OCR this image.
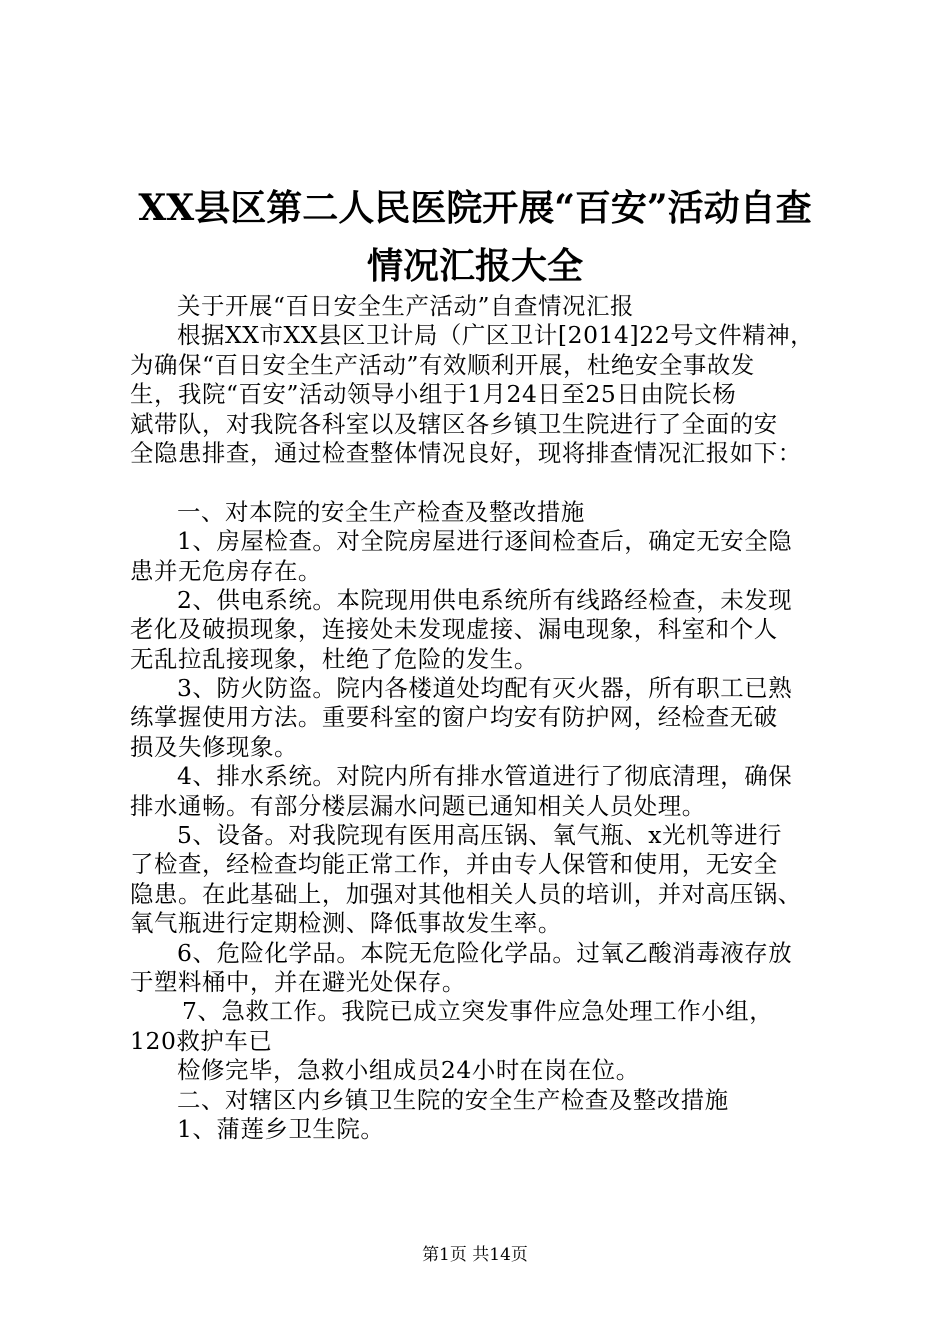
XX县区第二人民医院开展“百安”活动自查
情况汇报大全
关于开展“百日安全生产活动”自查情况汇报
根据XX市XX县区卫计局（广区卫计[2014]22号文件精神，
为确保“百日安全生产活动”有效顺利开展，杜绝安全事故发
生，我院“百安”活动领导小组于1月24日至25日由院长杨
斌带队，对我院各科室以及辖区各乡镇卫生院进行了全面的安
全隐患排查，通过检查整体情况良好，现将排查情况汇报如下：
一、对本院的安全生产检查及整改措施
1、房屋检查。对全院房屋进行逐间检查后，确定无安全隐
患并无危房存在。
2、供电系统。本院现用供电系统所有线路经检查，未发现
老化及破损现象，连接处未发现虚接、漏电现象，科室和个人
无乱拉乱接现象，杜绝了危险的发生。
3、防火防盗。院内各楼道处均配有灭火器，所有职工已熟
练掌握使用方法。重要科室的窗户均安有防护网，经检查无破
损及失修现象。
4、排水系统。对院内所有排水管道进行了彻底清理，确保
排水通畅。有部分楼层漏水问题已通知相关人员处理。
5、设备。对我院现有医用高压锅、氧气瓶、x光机等进行
了检查，经检查均能正常工作，并由专人保管和使用，无安全
隐患。在此基础上，加强对其他相关人员的培训，并对高压锅、
氧气瓶进行定期检测、降低事故发生率。
6、危险化学品。本院无危险化学品。过氧乙酸消毒液存放
于塑料桶中，并在避光处保存。
7、急救工作。我院已成立突发事件应急处理工作小组，
120救护车已
检修完毕，急救小组成员24小时在岗在位。
二、对辖区内乡镇卫生院的安全生产检查及整改措施
1、蒲莲乡卫生院。
第1页 共14页
